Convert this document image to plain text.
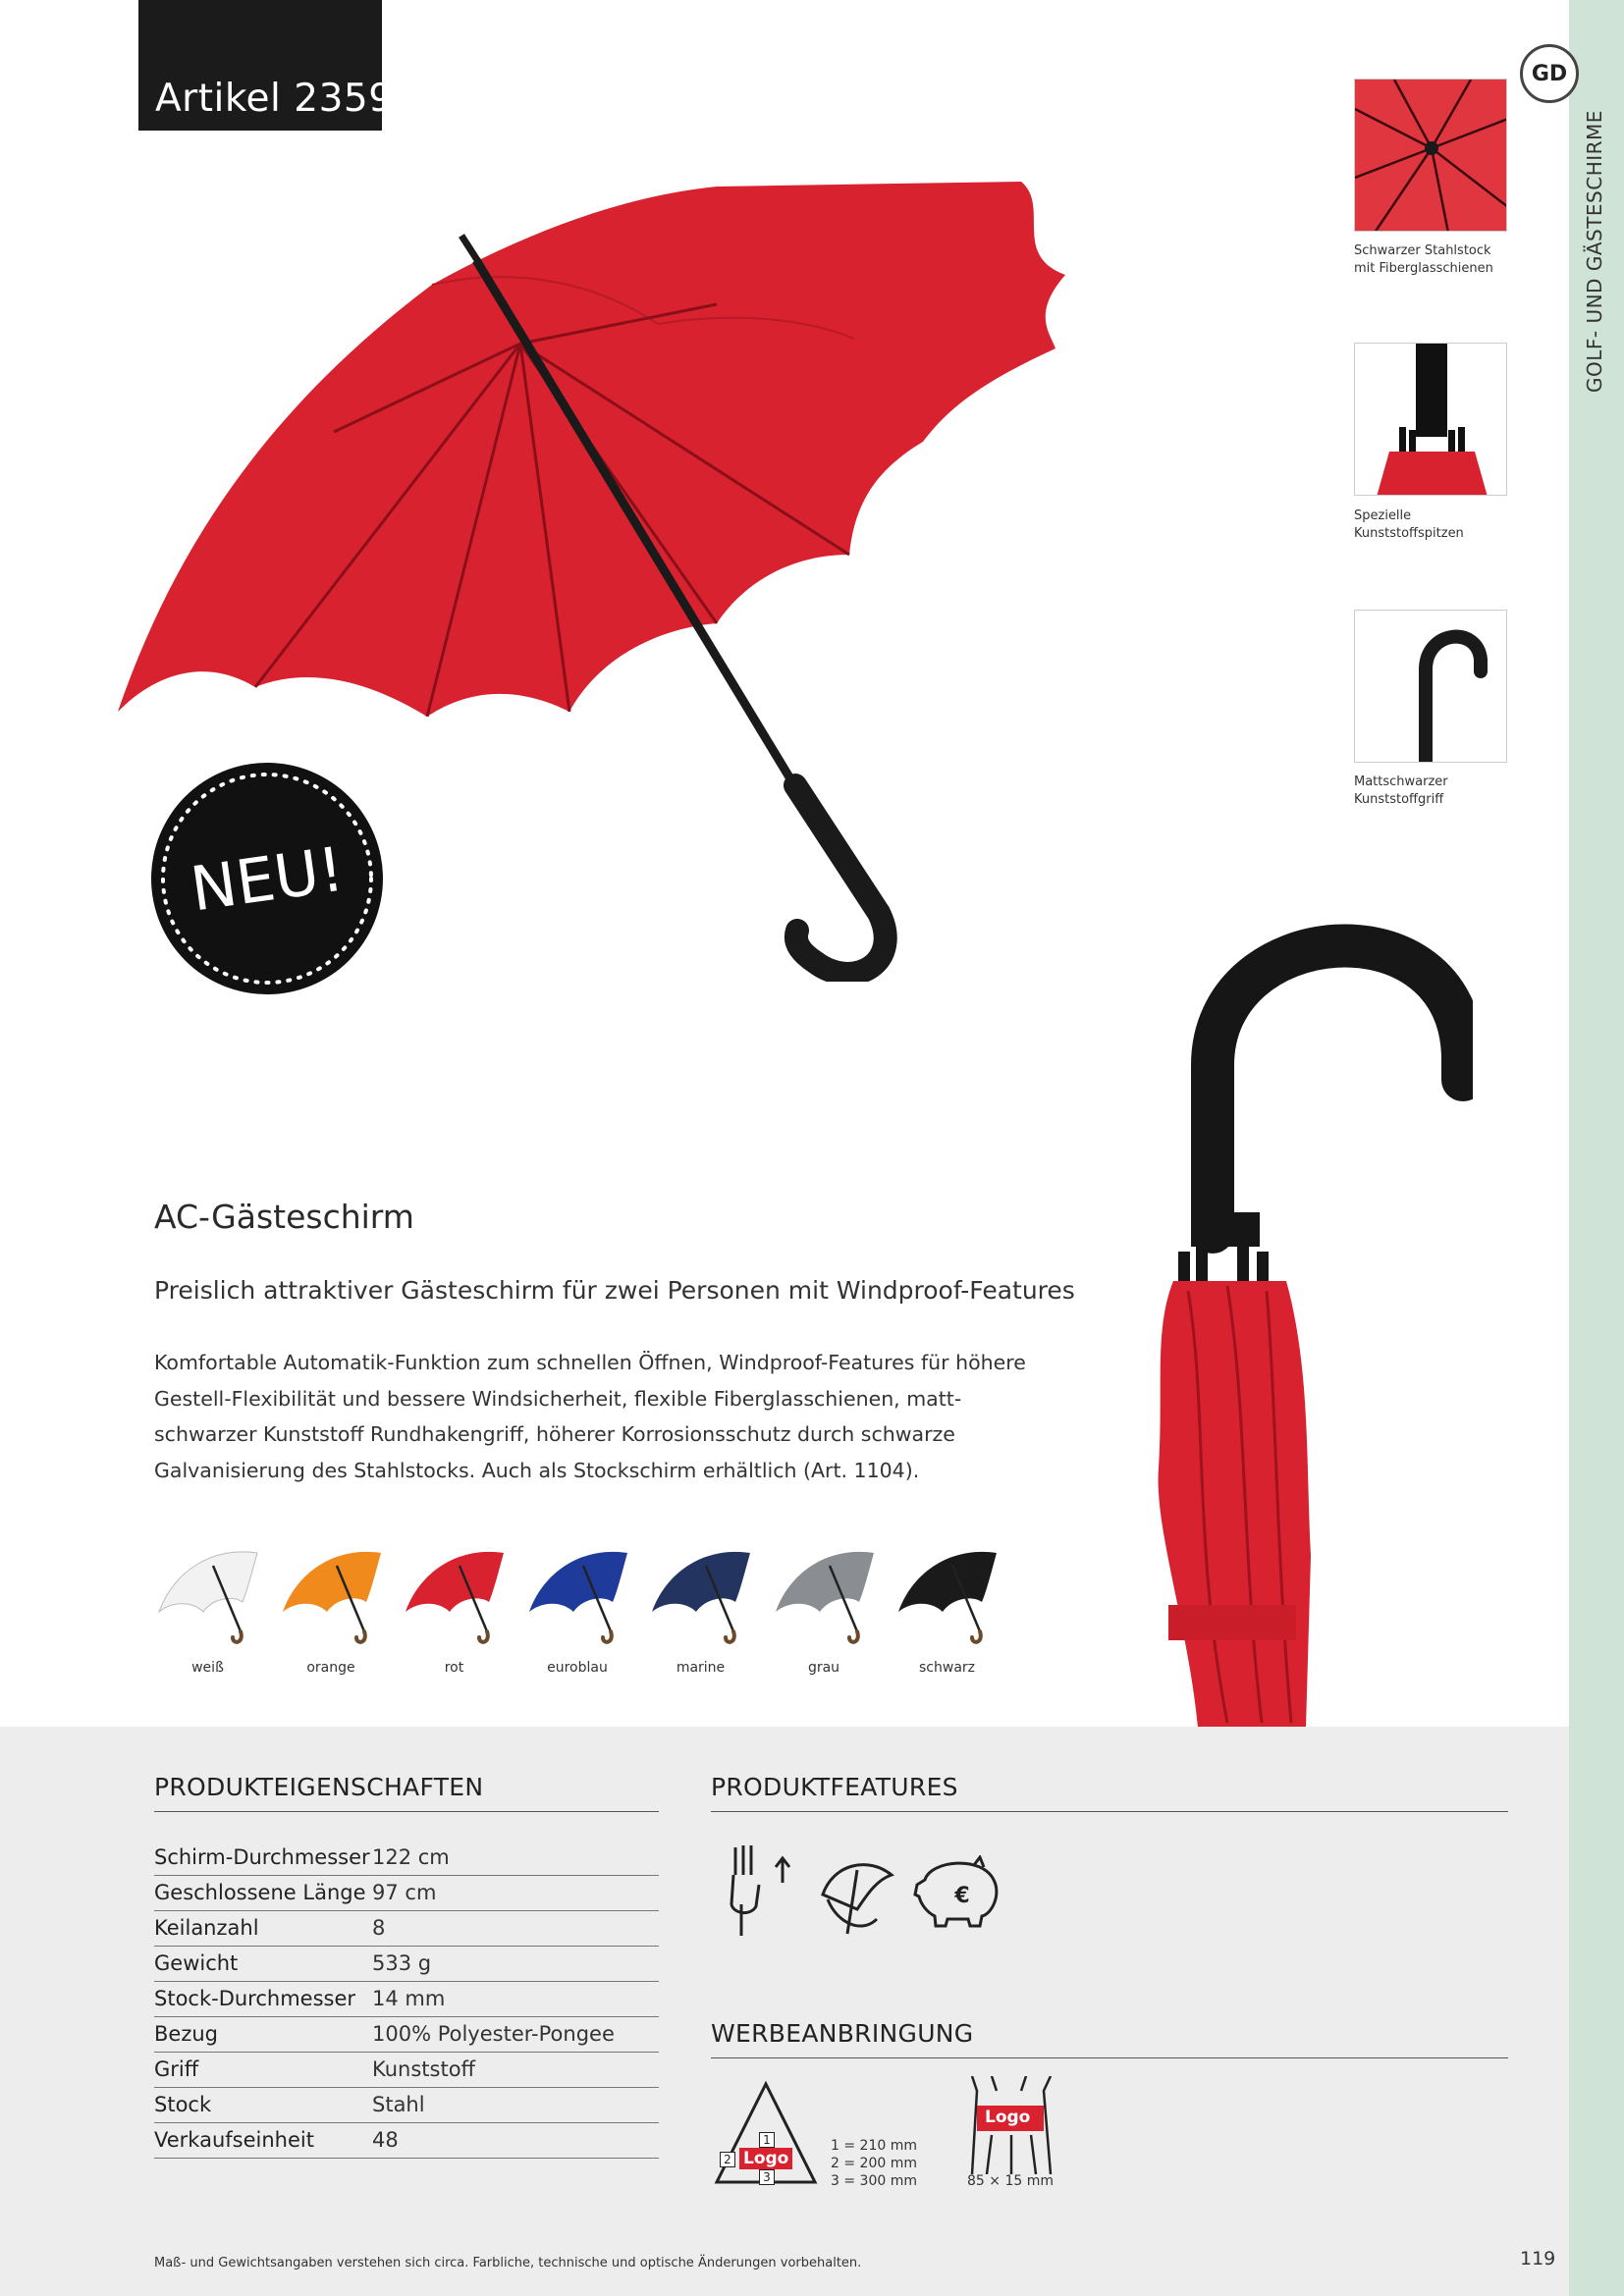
GOLF- UND GÄSTESCHIRME
GD
Artikel 2359
NEU!
Schwarzer Stahlstock
mit Fiberglasschienen
Spezielle
Kunststoffspitzen
Mattschwarzer
Kunststoffgriff
AC-Gästeschirm
Preislich attraktiver Gästeschirm für zwei Personen mit Windproof-Features
Komfortable Automatik-Funktion zum schnellen Öffnen, Windproof-Features für höhere Gestell-Flexibilität und bessere Windsicherheit, flexible Fiberglasschienen, matt-schwarzer Kunststoff Rundhakengriff, höherer Korrosionsschutz durch schwarze Galvanisierung des Stahlstocks. Auch als Stockschirm erhältlich (Art. 1104).
weiß	orange	rot	euroblau	marine	grau	schwarz
PRODUKTEIGENSCHAFTEN
Schirm-Durchmesser 122 cm
Geschlossene Länge 97 cm
Keilanzahl	8
Gewicht	533 g
Stock-Durchmesser 14 mm
Bezug	100% Polyester-Pongee
Griff	Kunststoff
Stock	Stahl
Verkaufseinheit	48
PRODUKTFEATURES
€
WERBEANBRINGUNG
Logo
1
2
3
1 = 210 mm
2 = 200 mm
3 = 300 mm
Logo
85 × 15 mm
Maß- und Gewichtsangaben verstehen sich circa. Farbliche, technische und optische Änderungen vorbehalten.	119
